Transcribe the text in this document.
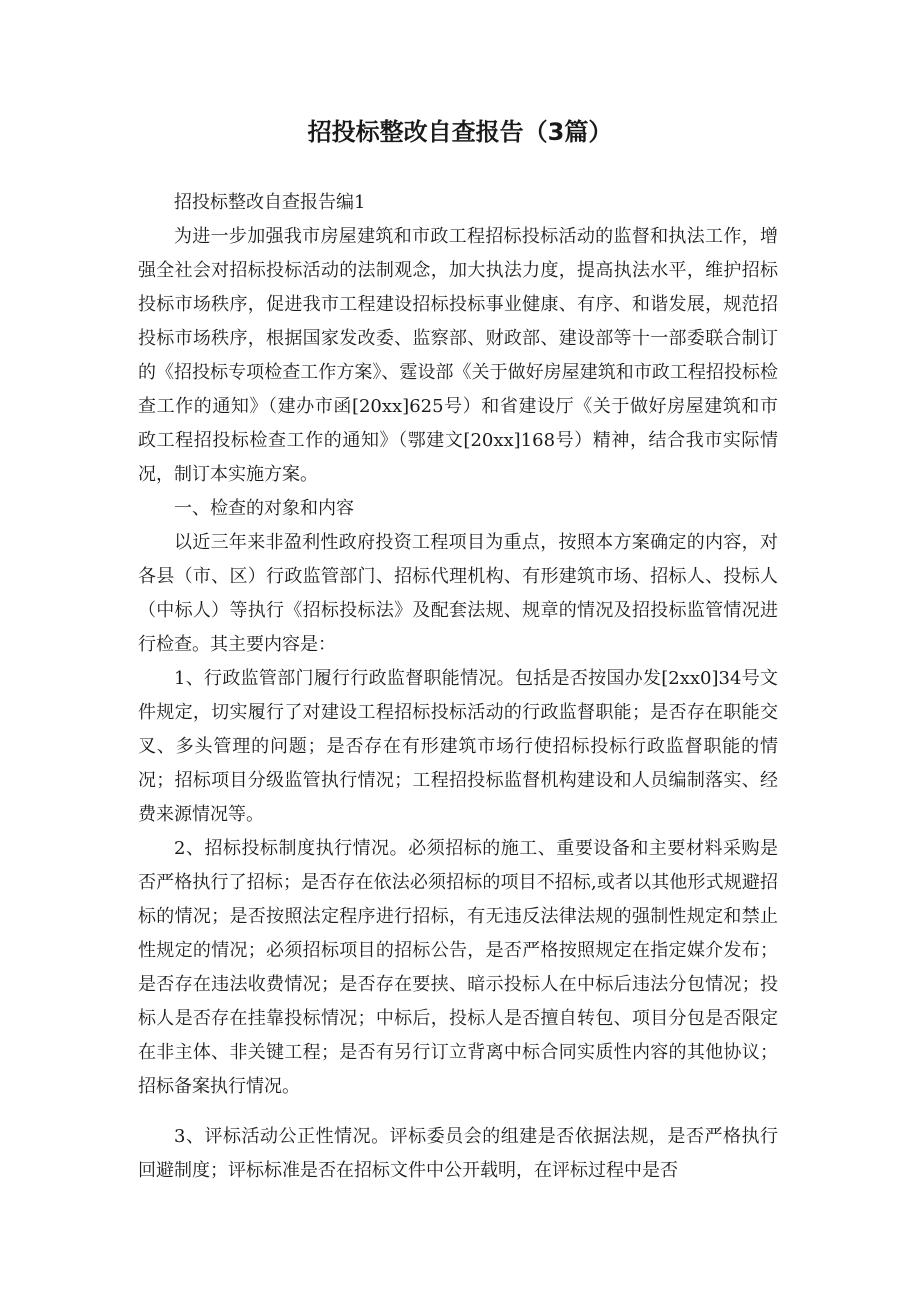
招投标整改自查报告（3篇）

招投标整改自查报告编1

为进一步加强我市房屋建筑和市政工程招标投标活动的监督和执法工作，增强全社会对招标投标活动的法制观念，加大执法力度，提高执法水平，维护招标投标市场秩序，促进我市工程建设招标投标事业健康、有序、和谐发展，规范招投标市场秩序，根据国家发改委、监察部、财政部、建设部等十一部委联合制订的《招投标专项检查工作方案》、霆设部《关于做好房屋建筑和市政工程招投标检查工作的通知》（建办市函[20xx]625号）和省建设厅《关于做好房屋建筑和市政工程招投标检查工作的通知》（鄂建文[20xx]168号）精神，结合我市实际情况，制订本实施方案。

一、检查的对象和内容

以近三年来非盈利性政府投资工程项目为重点，按照本方案确定的内容，对各县（市、区）行政监管部门、招标代理机构、有形建筑市场、招标人、投标人（中标人）等执行《招标投标法》及配套法规、规章的情况及招投标监管情况进行检查。其主要内容是：

1、行政监管部门履行行政监督职能情况。包括是否按国办发[2xx0]34号文件规定，切实履行了对建设工程招标投标活动的行政监督职能；是否存在职能交叉、多头管理的问题；是否存在有形建筑市场行使招标投标行政监督职能的情况；招标项目分级监管执行情况；工程招投标监督机构建设和人员编制落实、经费来源情况等。

2、招标投标制度执行情况。必须招标的施工、重要设备和主要材料采购是否严格执行了招标；是否存在依法必须招标的项目不招标,或者以其他形式规避招标的情况；是否按照法定程序进行招标，有无违反法律法规的强制性规定和禁止性规定的情况；必须招标项目的招标公告，是否严格按照规定在指定媒介发布；是否存在违法收费情况；是否存在要挟、暗示投标人在中标后违法分包情况；投标人是否存在挂靠投标情况；中标后，投标人是否擅自转包、项目分包是否限定在非主体、非关键工程；是否有另行订立背离中标合同实质性内容的其他协议；招标备案执行情况。

3、评标活动公正性情况。评标委员会的组建是否依据法规，是否严格执行回避制度；评标标准是否在招标文件中公开载明，在评标过程中是否
